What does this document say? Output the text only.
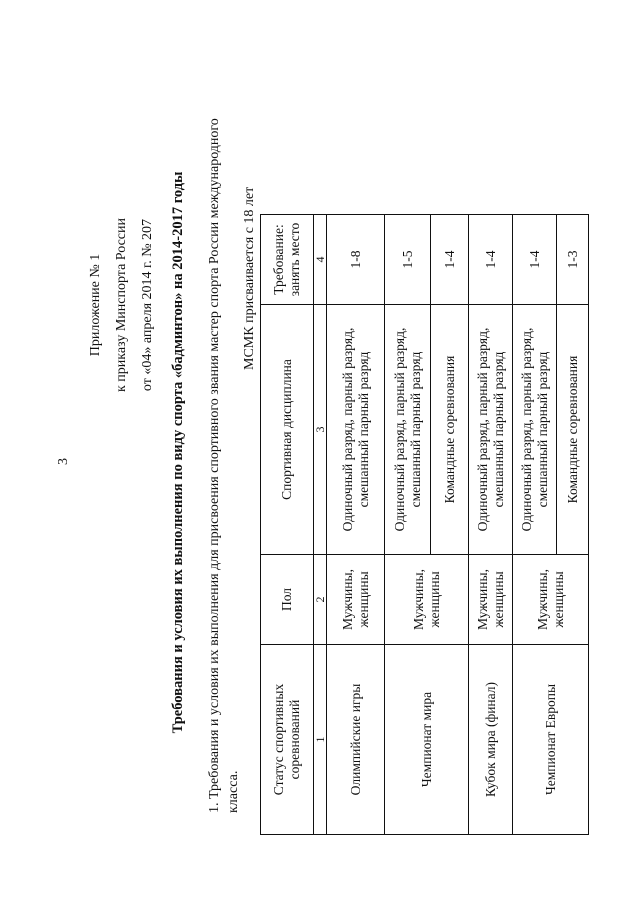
3
Приложение № 1 к приказу Минспорта России от «04» апреля 2014 г. № 207 Требования и условия их выполнения по виду спорта «бадминтон» на 2014-2017 годы 1. Требования и условия их выполнения для присвоения спортивного звания мастер спорта России международного класса.
МСМК присваивается с 18 лет
Статус спортивных соревнований	Пол	Спортивная дисциплина	Требование: занять место
1	2	3	4
Олимпийские игры	Мужчины, женщины	Одиночный разряд, парный разряд, смешанный парный разряд	1-8
Чемпионат мира	Мужчины, женщины	Одиночный разряд, парный разряд, смешанный парный разряд	1-5
		Командные соревнования	1-4
Кубок мира (финал)	Мужчины, женщины	Одиночный разряд, парный разряд, смешанный парный разряд	1-4
Чемпионат Европы	Мужчины, женщины	Одиночный разряд, парный разряд, смешанный парный разряд	1-4
		Командные соревнования	1-3
